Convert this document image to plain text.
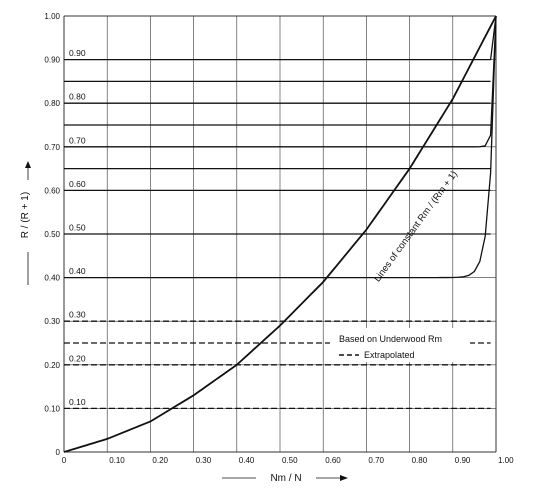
0	0.10	0.20	0.30	0.40	0.50	0.60	0.70	0.80	0.90	1.00
0
0.10
0.20
0.30
0.40
0.50
0.60
0.70
0.80
0.90
1.00
0.90
0.80
0.70
0.60
0.50
0.40
0.30
0.20
0.10
R / (R + 1)
Nm / N
Lines of constant Rm / (Rm + 1)
Based on Underwood Rm
Extrapolated
